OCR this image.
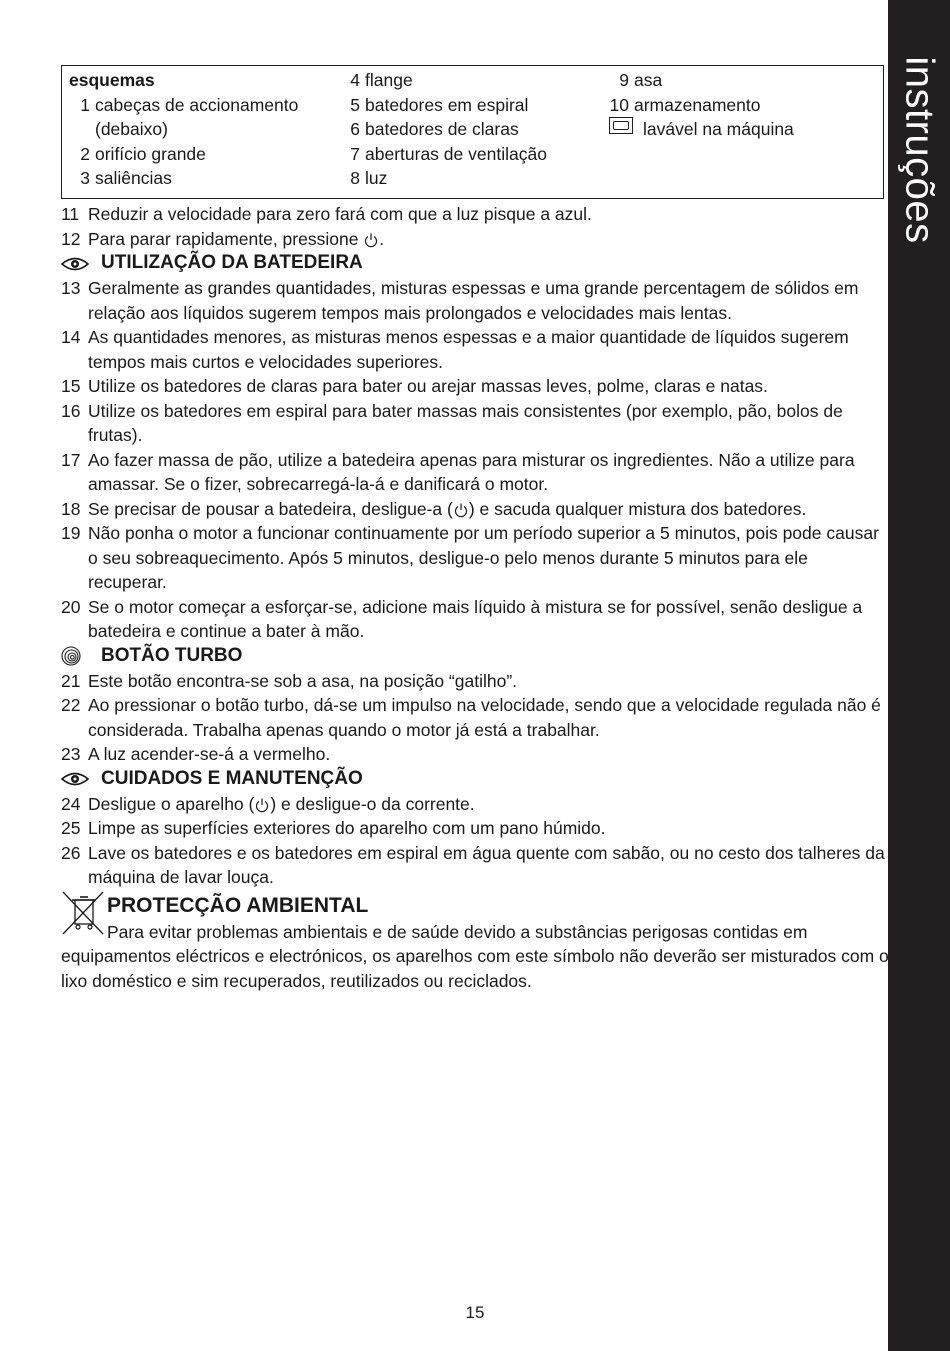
instruções
esquemas
1 cabeças de accionamento
(debaixo)
2 orifício grande
3 saliências
4 flange
5 batedores em espiral
6 batedores de claras
7 aberturas de ventilação
8 luz
9 asa
10 armazenamento
lavável na máquina
11 Reduzir a velocidade para zero fará com que a luz pisque a azul.
12 Para parar rapidamente, pressione .
UTILIZAÇÃO DA BATEDEIRA
13 Geralmente as grandes quantidades, misturas espessas e uma grande percentagem de sólidos em relação aos líquidos sugerem tempos mais prolongados e velocidades mais lentas.
14 As quantidades menores, as misturas menos espessas e a maior quantidade de líquidos sugerem tempos mais curtos e velocidades superiores.
15 Utilize os batedores de claras para bater ou arejar massas leves, polme, claras e natas.
16 Utilize os batedores em espiral para bater massas mais consistentes (por exemplo, pão, bolos de frutas).
17 Ao fazer massa de pão, utilize a batedeira apenas para misturar os ingredientes. Não a utilize para amassar. Se o fizer, sobrecarregá-la-á e danificará o motor.
18 Se precisar de pousar a batedeira, desligue-a ( ) e sacuda qualquer mistura dos batedores.
19 Não ponha o motor a funcionar continuamente por um período superior a 5 minutos, pois pode causar o seu sobreaquecimento. Após 5 minutos, desligue-o pelo menos durante 5 minutos para ele recuperar.
20 Se o motor começar a esforçar-se, adicione mais líquido à mistura se for possível, senão desligue a batedeira e continue a bater à mão.
BOTÃO TURBO
21 Este botão encontra-se sob a asa, na posição “gatilho”.
22 Ao pressionar o botão turbo, dá-se um impulso na velocidade, sendo que a velocidade regulada não é considerada. Trabalha apenas quando o motor já está a trabalhar.
23 A luz acender-se-á a vermelho.
CUIDADOS E MANUTENÇÃO
24 Desligue o aparelho ( ) e desligue-o da corrente.
25 Limpe as superfícies exteriores do aparelho com um pano húmido.
26 Lave os batedores e os batedores em espiral em água quente com sabão, ou no cesto dos talheres da máquina de lavar louça.
PROTECÇÃO AMBIENTAL
Para evitar problemas ambientais e de saúde devido a substâncias perigosas contidas em equipamentos eléctricos e electrónicos, os aparelhos com este símbolo não deverão ser misturados com o lixo doméstico e sim recuperados, reutilizados ou reciclados.
15
